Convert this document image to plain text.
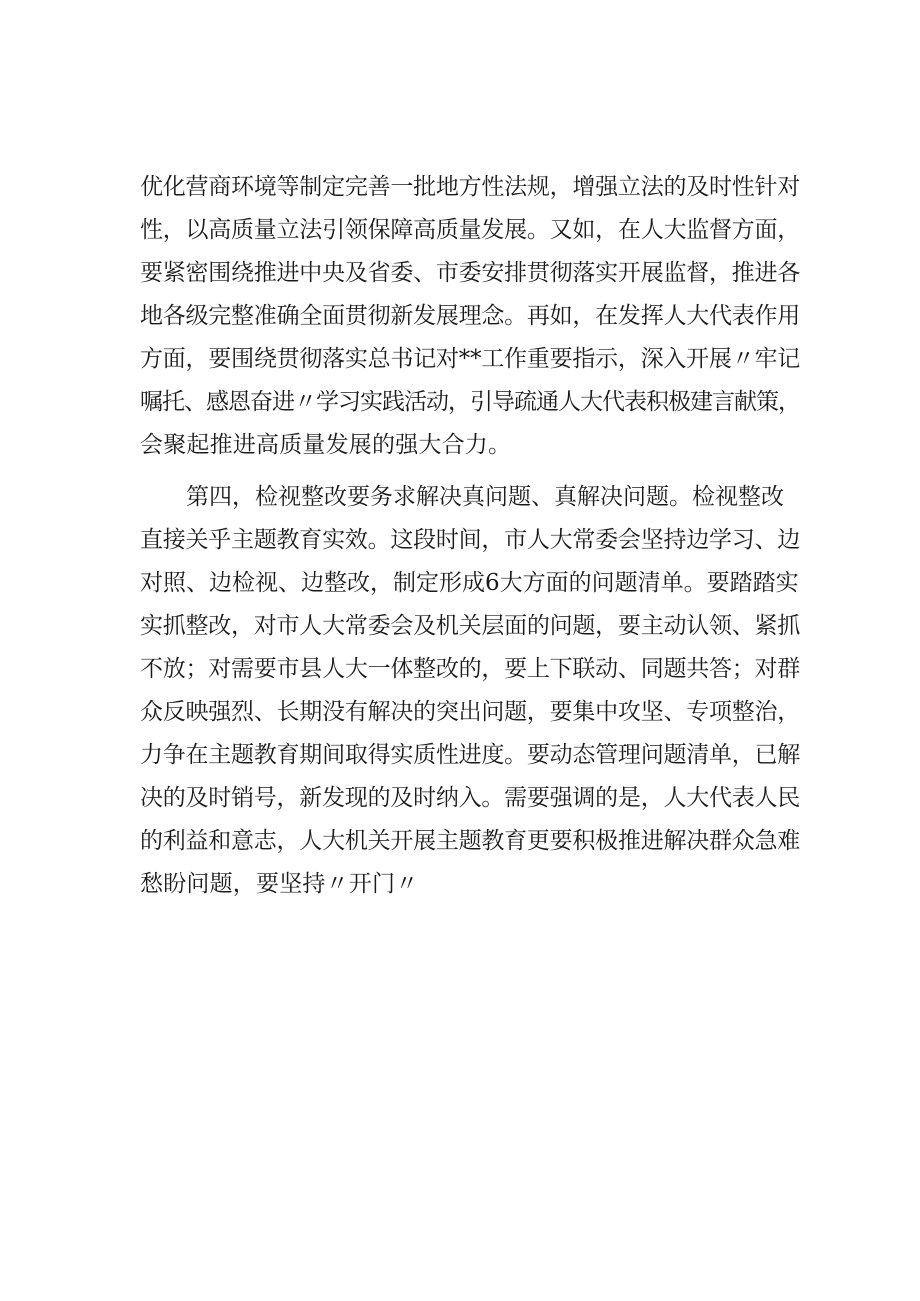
优化营商环境等制定完善一批地方性法规，增强立法的及时性针对
性，以高质量立法引领保障高质量发展。又如，在人大监督方面，
要紧密围绕推进中央及省委、市委安排贯彻落实开展监督，推进各
地各级完整准确全面贯彻新发展理念。再如，在发挥人大代表作用
方面，要围绕贯彻落实总书记对**工作重要指示，深入开展〃牢记
嘱托、感恩奋进〃学习实践活动，引导疏通人大代表积极建言献策，
会聚起推进高质量发展的强大合力。
第四，检视整改要务求解决真问题、真解决问题。检视整改
直接关乎主题教育实效。这段时间，市人大常委会坚持边学习、边
对照、边检视、边整改，制定形成6大方面的问题清单。要踏踏实
实抓整改，对市人大常委会及机关层面的问题，要主动认领、紧抓
不放；对需要市县人大一体整改的，要上下联动、同题共答；对群
众反映强烈、长期没有解决的突出问题，要集中攻坚、专项整治，
力争在主题教育期间取得实质性进度。要动态管理问题清单，已解
决的及时销号，新发现的及时纳入。需要强调的是，人大代表人民
的利益和意志，人大机关开展主题教育更要积极推进解决群众急难
愁盼问题，要坚持〃开门〃
